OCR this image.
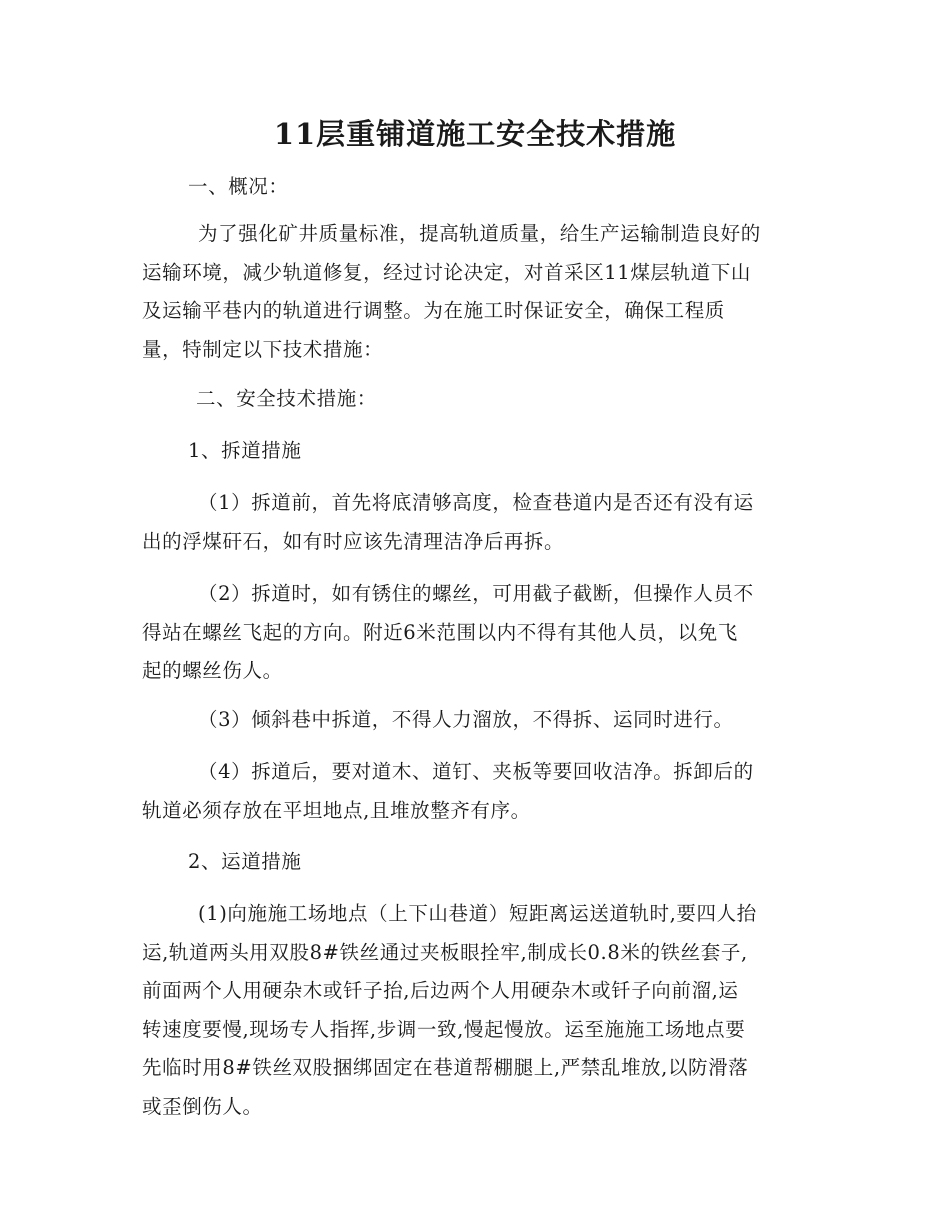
11层重铺道施工安全技术措施

一、概况：

为了强化矿井质量标准，提高轨道质量，给生产运输制造良好的
运输环境，减少轨道修复，经过讨论决定，对首采区11煤层轨道下山
及运输平巷内的轨道进行调整。为在施工时保证安全，确保工程质
量，特制定以下技术措施：

二、安全技术措施：

1、拆道措施

（1）拆道前，首先将底清够高度，检查巷道内是否还有没有运
出的浮煤矸石，如有时应该先清理洁净后再拆。
（2）拆道时，如有锈住的螺丝，可用截子截断，但操作人员不
得站在螺丝飞起的方向。附近6米范围以内不得有其他人员，以免飞
起的螺丝伤人。
（3）倾斜巷中拆道，不得人力溜放，不得拆、运同时进行。
（4）拆道后，要对道木、道钉、夹板等要回收洁净。拆卸后的
轨道必须存放在平坦地点,且堆放整齐有序。

2、运道措施

(1)向施施工场地点（上下山巷道）短距离运送道轨时,要四人抬
运,轨道两头用双股8#铁丝通过夹板眼拴牢,制成长0.8米的铁丝套子,
前面两个人用硬杂木或钎子抬,后边两个人用硬杂木或钎子向前溜,运
转速度要慢,现场专人指挥,步调一致,慢起慢放。运至施施工场地点要
先临时用8#铁丝双股捆绑固定在巷道帮棚腿上,严禁乱堆放,以防滑落
或歪倒伤人。
